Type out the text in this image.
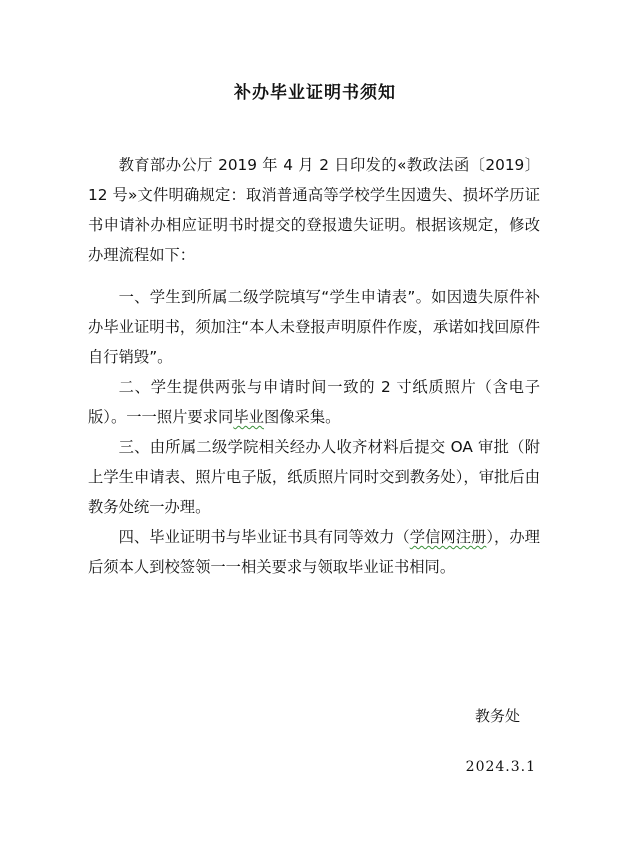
补办毕业证明书须知

教育部办公厅 2019 年 4 月 2 日印发的«教政法函〔2019〕12 号»文件明确规定：取消普通高等学校学生因遗失、损坏学历证书申请补办相应证明书时提交的登报遗失证明。根据该规定，修改办理流程如下：

一、学生到所属二级学院填写“学生申请表”。如因遗失原件补办毕业证明书，须加注“本人未登报声明原件作废，承诺如找回原件自行销毁”。

二、学生提供两张与申请时间一致的 2 寸纸质照片（含电子版）。一一照片要求同毕业图像采集。

三、由所属二级学院相关经办人收齐材料后提交 OA 审批（附上学生申请表、照片电子版，纸质照片同时交到教务处），审批后由教务处统一办理。

四、毕业证明书与毕业证书具有同等效力（学信网注册），办理后须本人到校签领一一相关要求与领取毕业证书相同。

教务处
2024.3.1
